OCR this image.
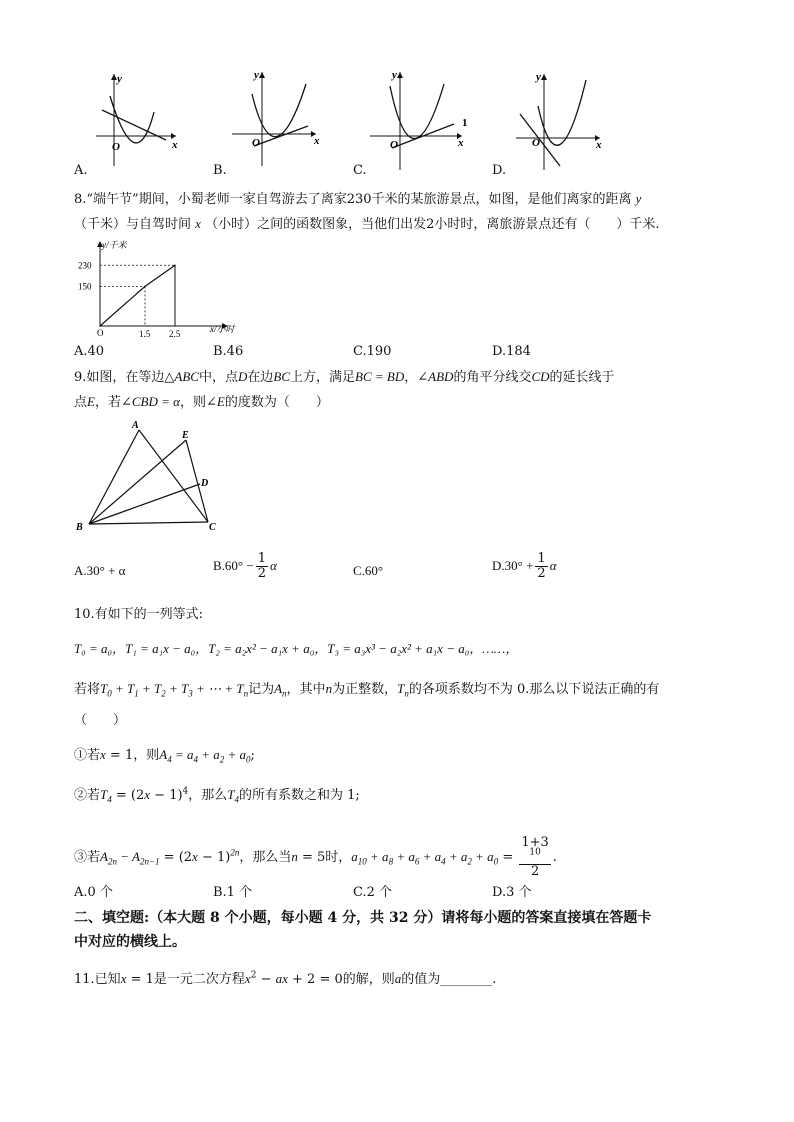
y
x
O
y
x
O
y
x
O
1
y
x
O
A.	B.	C.	D.
8.“端午节”期间，小蜀老师一家自驾游去了离家230千米的某旅游景点，如图，是他们离家的距离 y
（千米）与自驾时间 x （小时）之间的函数图象，当他们出发2小时时，离旅游景点还有（　　）千米.
y/千米
x/小时
O	1.5 2.5
150
230
A.40	B.46	C.190	D.184
9.如图，在等边△ABC中，点D在边BC上方，满足BC = BD，∠ABD的角平分线交CD的延长线于
点E，若∠CBD = α，则∠E的度数为（　　）
A
B	C
D
E
A.30° + α	$B.60^\circ - \frac{1}{2}$ α	C.60°	$D.30^\circ + \frac{1}{2}$ α
10.有如下的一列等式:
T₀ = a₀，T₁ = a₁x − a₀，T₂ = a₂x² − a₁x + a₀，T₃ = a₃x³ − a₂x² + a₁x − a₀，……，
若将$T_0 + T_1 + T_2 + T_3$ + ⋯ + $T_n$记为$A_n$，其中n为正整数，$T_n$的各项系数均不为 0.那么以下说法正确的有
（　　）
①若x = 1，则$A_4 = a_4 + a_2 + a_0$;
②若$T_4 = (2x - 1)^4$，那么$T_4$的所有系数之和为 1;
③若$A_{2n} - A_{2n-1} = (2x - 1)^{2n}$，那么当n = 5时，$a_{10} + a_8 + a_6 + a_4 + a_2 + a_0 = 1+3$
$^{10}$
2 .
A.0 个	B.1 个	C.2 个	D.3 个
二、填空题:（本大题 8 个小题，每小题 4 分，共 32 分）请将每小题的答案直接填在答题卡
中对应的横线上。
11.已知x = 1是一元二次方程$x^2$ − ax + 2 = 0的解，则a的值为________.
